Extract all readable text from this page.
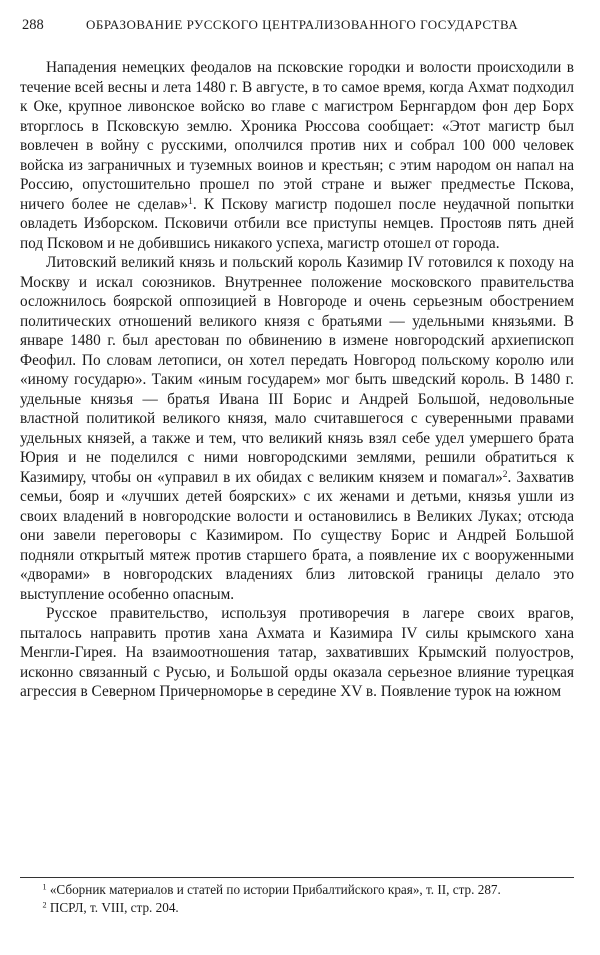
288	ОБРАЗОВАНИЕ РУССКОГО ЦЕНТРАЛИЗОВАННОГО ГОСУДАРСТВА

Нападения немецких феодалов на псковские городки и волости происходили в течение всей весны и лета 1480 г. В августе, в то самое время, когда Ахмат подходил к Оке, крупное ливонское войско во главе с магистром Бернгардом фон дер Борх вторглось в Псковскую землю. Хроника Рюссова сообщает: «Этот магистр был вовлечен в войну с русскими, ополчился против них и собрал 100 000 человек войска из заграничных и туземных воинов и крестьян; с этим народом он напал на Россию, опустошительно прошел по этой стране и выжег предместье Пскова, ничего более не сделав»$^1$. К Пскову магистр подошел после неудачной попытки овладеть Изборском. Псковичи отбили все приступы немцев. Простояв пять дней под Псковом и не добившись никакого успеха, магистр отошел от города.

Литовский великий князь и польский король Казимир IV готовился к походу на Москву и искал союзников. Внутреннее положение московского правительства осложнилось боярской оппозицией в Новгороде и очень серьезным обострением политических отношений великого князя с братьями — удельными князьями. В январе 1480 г. был арестован по обвинению в измене новгородский архиепископ Феофил. По словам летописи, он хотел передать Новгород польскому королю или «иному государю». Таким «иным государем» мог быть шведский король. В 1480 г. удельные князья — братья Ивана III Борис и Андрей Большой, недовольные властной политикой великого князя, мало считавшегося с суверенными правами удельных князей, а также и тем, что великий князь взял себе удел умершего брата Юрия и не поделился с ними новгородскими землями, решили обратиться к Казимиру, чтобы он «управил в их обидах с великим князем и помагал»$^2$. Захватив семьи, бояр и «лучших детей боярских» с их женами и детьми, князья ушли из своих владений в новгородские волости и остановились в Великих Луках; отсюда они завели переговоры с Казимиром. По существу Борис и Андрей Большой подняли открытый мятеж против старшего брата, а появление их с вооруженными «дворами» в новгородских владениях близ литовской границы делало это выступление особенно опасным.

Русское правительство, используя противоречия в лагере своих врагов, пыталось направить против хана Ахмата и Казимира IV силы крымского хана Менгли-Гирея. На взаимоотношения татар, захвативших Крымский полуостров, исконно связанный с Русью, и Большой орды оказала серьезное влияние турецкая агрессия в Северном Причерноморье в середине XV в. Появление турок на южном

$^1$ «Сборник материалов и статей по истории Прибалтийского края», т. II, стр. 287.

$^2$ ПСРЛ, т. VIII, стр. 204.
